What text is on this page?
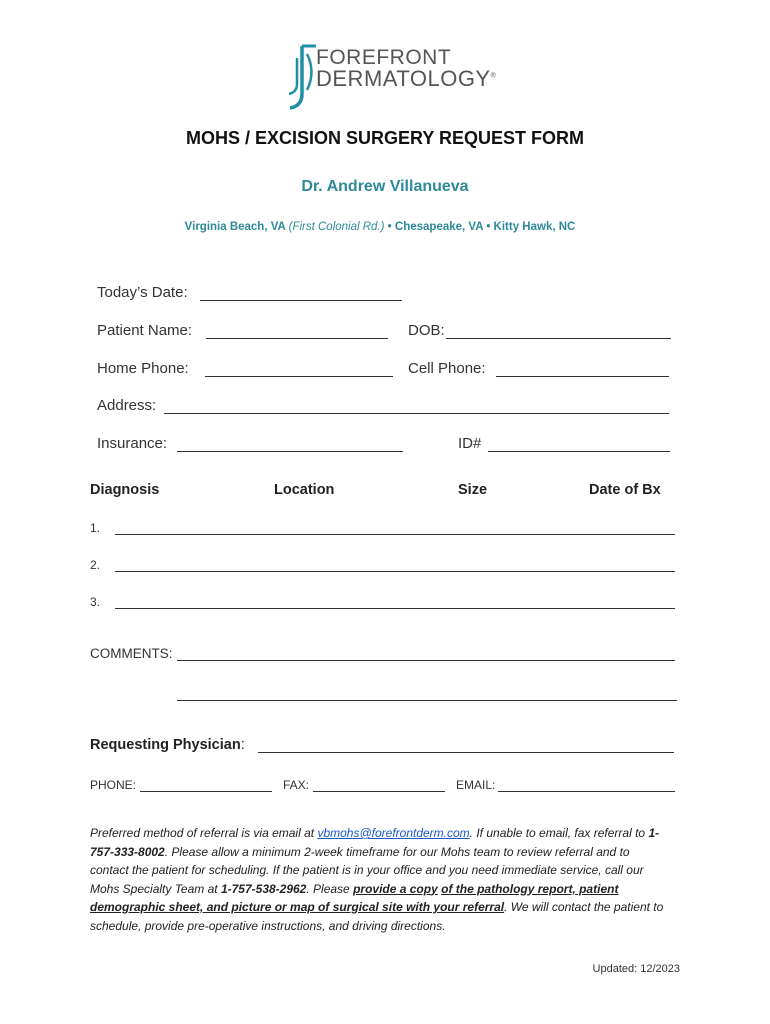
FOREFRONT
DERMATOLOGY®
MOHS / EXCISION SURGERY REQUEST FORM
Dr. Andrew Villanueva
Virginia Beach, VA (First Colonial Rd.) • Chesapeake, VA • Kitty Hawk, NC
Today’s Date:
Patient Name:	DOB:
Home Phone:	Cell Phone:
Address:
Insurance:	ID#
Diagnosis	Location	Size	Date of Bx
1.
2.
3.
COMMENTS:
Requesting Physician:
PHONE:	FAX:	EMAIL:
Preferred method of referral is via email at vbmohs@forefrontderm.com. If unable to email, fax referral to 1-757-333-8002. Please allow a minimum 2-week timeframe for our Mohs team to review referral and to contact the patient for scheduling. If the patient is in your office and you need immediate service, call our Mohs Specialty Team at 1-757-538-2962. Please provide a copy of the pathology report, patient demographic sheet, and picture or map of surgical site with your referral. We will contact the patient to schedule, provide pre-operative instructions, and driving directions.
Updated: 12/2023
